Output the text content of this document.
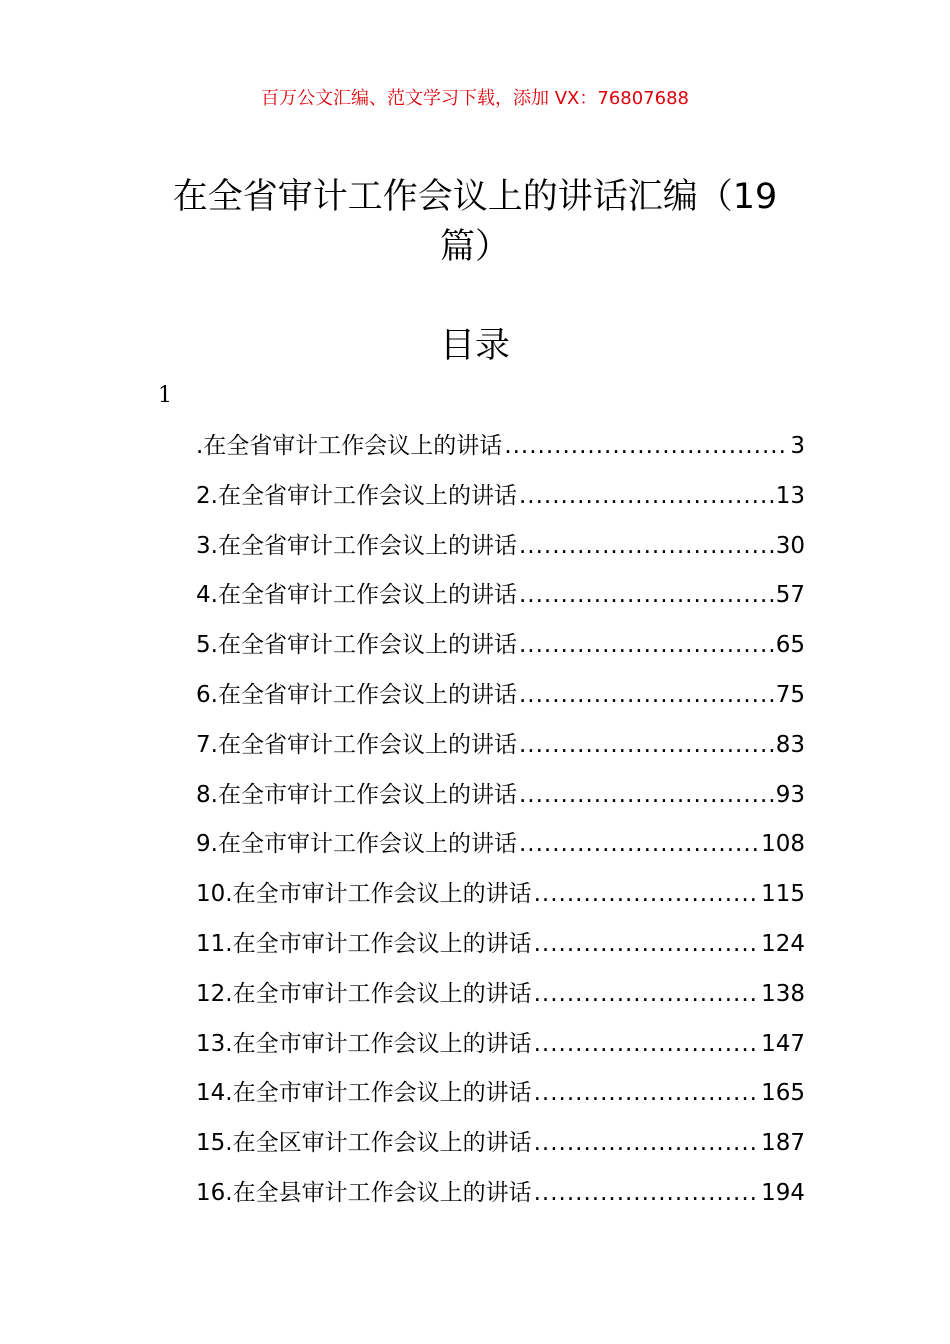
百万公文汇编、范文学习下载，添加 VX：76807688
在全省审计工作会议上的讲话汇编（19
篇）
目录
1
.在全省审计工作会议上的讲话 .....	3
2.在全省审计工作会议上的讲话 .....	13
3.在全省审计工作会议上的讲话 .....	30
4.在全省审计工作会议上的讲话 .....	57
5.在全省审计工作会议上的讲话 .....	65
6.在全省审计工作会议上的讲话 .....	75
7.在全省审计工作会议上的讲话 .....	83
8.在全市审计工作会议上的讲话 .....	93
9.在全市审计工作会议上的讲话 .....	108
10.在全市审计工作会议上的讲话 .....	115
11.在全市审计工作会议上的讲话 .....	124
12.在全市审计工作会议上的讲话 .....	138
13.在全市审计工作会议上的讲话 .....	147
14.在全市审计工作会议上的讲话 .....	165
15.在全区审计工作会议上的讲话 .....	187
16.在全县审计工作会议上的讲话 .....	194
